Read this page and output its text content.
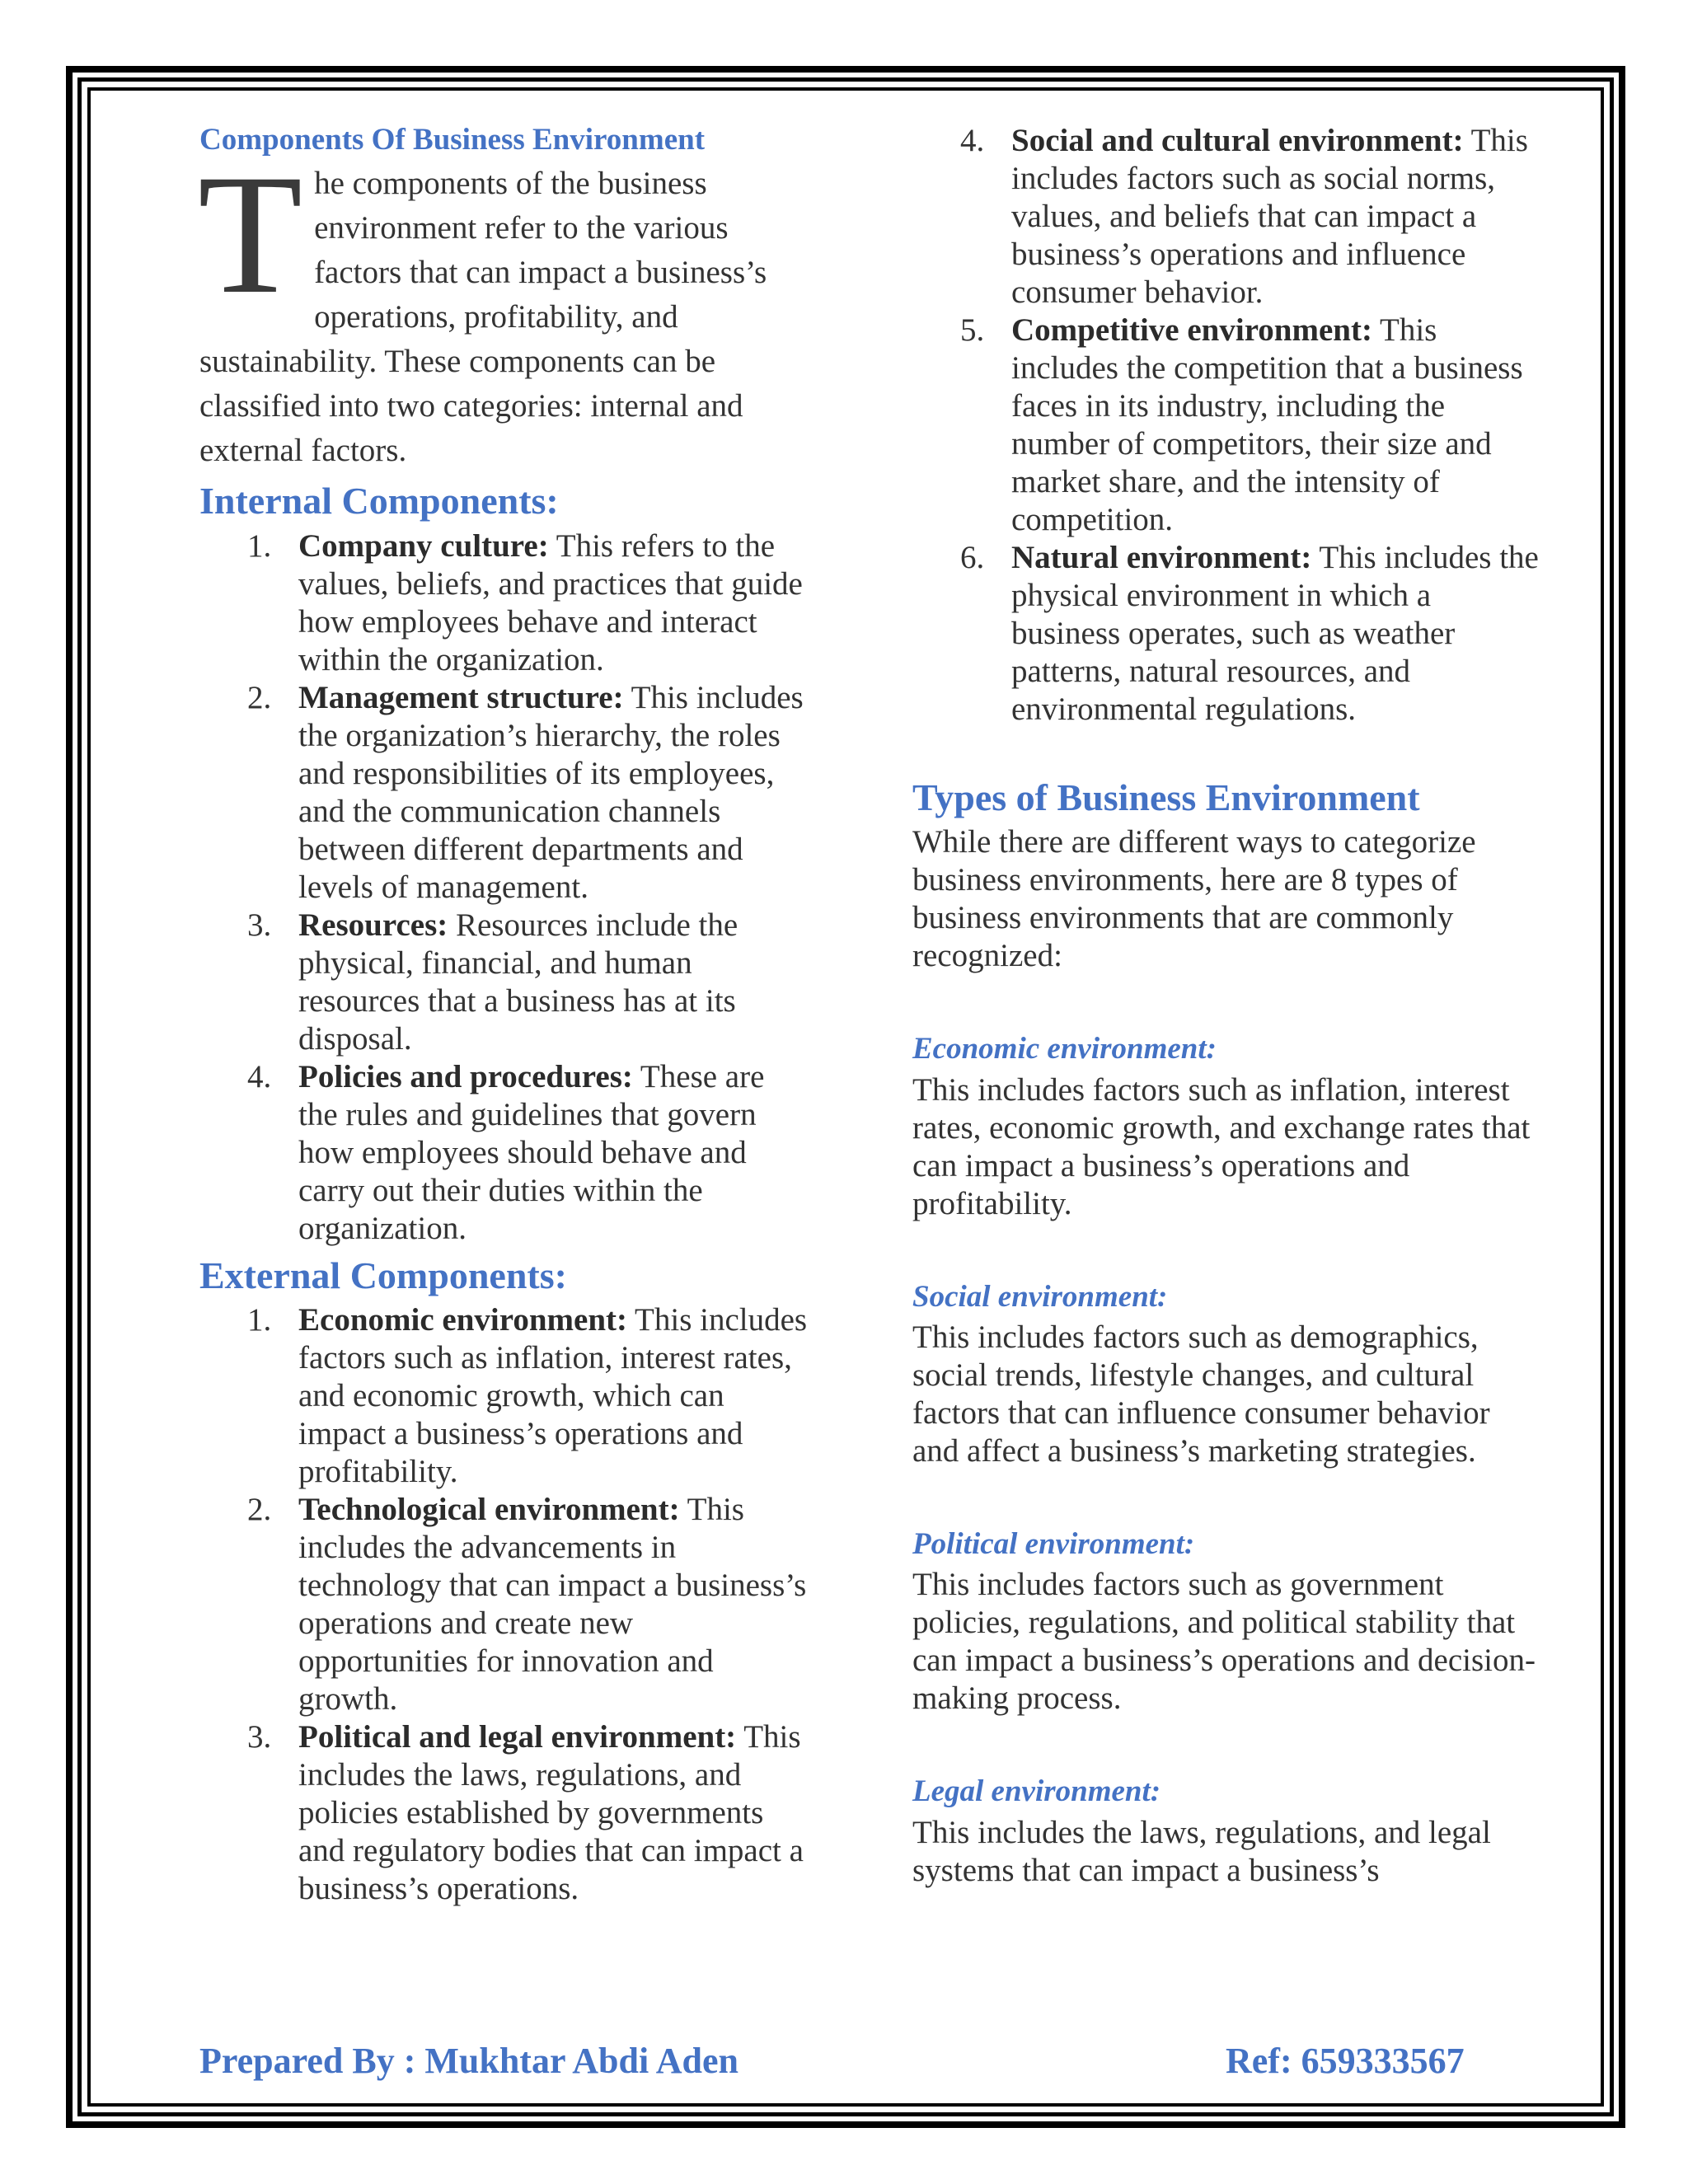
Components Of Business Environment

The components of the business environment refer to the various factors that can impact a business’s operations, profitability, and sustainability. These components can be classified into two categories: internal and external factors.

Internal Components:
1. Company culture: This refers to the values, beliefs, and practices that guide how employees behave and interact within the organization.
2. Management structure: This includes the organization’s hierarchy, the roles and responsibilities of its employees, and the communication channels between different departments and levels of management.
3. Resources: Resources include the physical, financial, and human resources that a business has at its disposal.
4. Policies and procedures: These are the rules and guidelines that govern how employees should behave and carry out their duties within the organization.
External Components:
1. Economic environment: This includes factors such as inflation, interest rates, and economic growth, which can impact a business’s operations and profitability.
2. Technological environment: This includes the advancements in technology that can impact a business’s operations and create new opportunities for innovation and growth.
3. Political and legal environment: This includes the laws, regulations, and policies established by governments and regulatory bodies that can impact a business’s operations.
4. Social and cultural environment: This includes factors such as social norms, values, and beliefs that can impact a business’s operations and influence consumer behavior.
5. Competitive environment: This includes the competition that a business faces in its industry, including the number of competitors, their size and market share, and the intensity of competition.
6. Natural environment: This includes the physical environment in which a business operates, such as weather patterns, natural resources, and environmental regulations.
Types of Business Environment

While there are different ways to categorize business environments, here are 8 types of business environments that are commonly recognized:

Economic environment:

This includes factors such as inflation, interest rates, economic growth, and exchange rates that can impact a business’s operations and profitability.

Social environment:

This includes factors such as demographics, social trends, lifestyle changes, and cultural factors that can influence consumer behavior and affect a business’s marketing strategies.

Political environment:

This includes factors such as government policies, regulations, and political stability that can impact a business’s operations and decision-making process.

Legal environment:

This includes the laws, regulations, and legal systems that can impact a business’s

Prepared By : Mukhtar Abdi Aden	Ref: 659333567
